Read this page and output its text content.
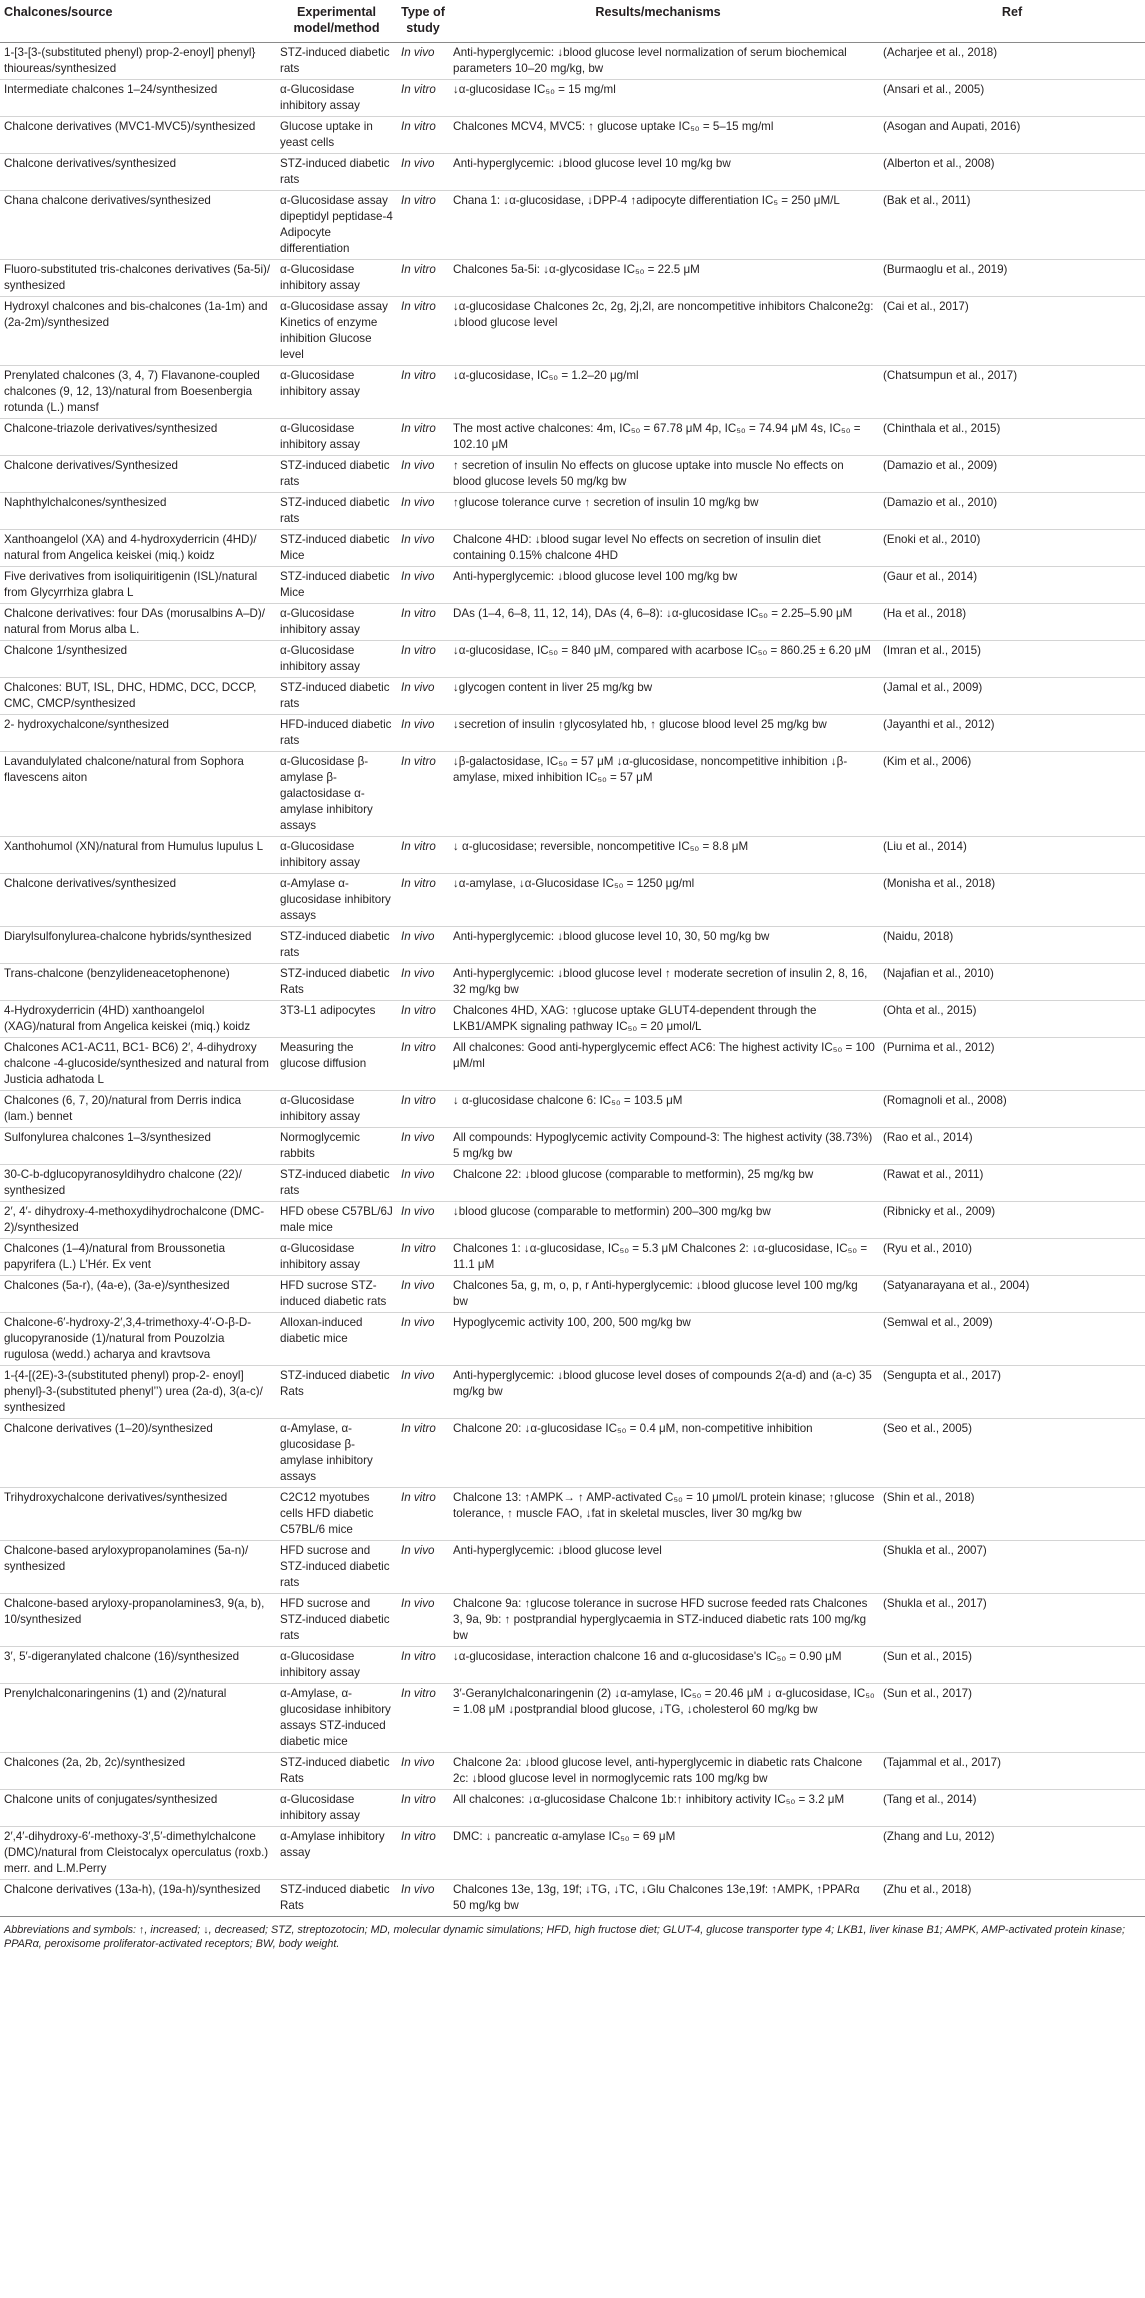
Chalcones/source	Experimental model/method	Type of study	Results/mechanisms	Ref
1-[3-[3-(substituted phenyl) prop-2-enoyl] phenyl} thioureas/synthesized	STZ-induced diabetic rats	In vivo	Anti-hyperglycemic: ↓blood glucose level normalization of serum biochemical parameters 10–20 mg/kg, bw	(Acharjee et al., 2018)
Intermediate chalcones 1–24/synthesized	α-Glucosidase inhibitory assay	In vitro	↓α-glucosidase IC₅₀ = 15 mg/ml	(Ansari et al., 2005)
Chalcone derivatives (MVC1-MVC5)/synthesized	Glucose uptake in yeast cells	In vitro	Chalcones MCV4, MVC5: ↑ glucose uptake IC₅₀ = 5–15 mg/ml	(Asogan and Aupati, 2016)
Chalcone derivatives/synthesized	STZ-induced diabetic rats	In vivo	Anti-hyperglycemic: ↓blood glucose level 10 mg/kg bw	(Alberton et al., 2008)
Chana chalcone derivatives/synthesized	α-Glucosidase assay dipeptidyl peptidase-4 Adipocyte differentiation	In vitro	Chana 1: ↓α-glucosidase, ↓DPP-4 ↑adipocyte differentiation IC₅ = 250 μM/L	(Bak et al., 2011)
Fluoro-substituted tris-chalcones derivatives (5a-5i)/ synthesized	α-Glucosidase inhibitory assay	In vitro	Chalcones 5a-5i: ↓α-glycosidase IC₅₀ = 22.5 μM	(Burmaoglu et al., 2019)
Hydroxyl chalcones and bis-chalcones (1a-1m) and (2a-2m)/synthesized	α-Glucosidase assay Kinetics of enzyme inhibition Glucose level	In vitro	↓α-glucosidase Chalcones 2c, 2g, 2j,2l, are noncompetitive inhibitors Chalcone2g: ↓blood glucose level	(Cai et al., 2017)
Prenylated chalcones (3, 4, 7) Flavanone-coupled chalcones (9, 12, 13)/natural from Boesenbergia rotunda (L.) mansf	α-Glucosidase inhibitory assay	In vitro	↓α-glucosidase, IC₅₀ = 1.2–20 μg/ml	(Chatsumpun et al., 2017)
Chalcone-triazole derivatives/synthesized	α-Glucosidase inhibitory assay	In vitro	The most active chalcones: 4m, IC₅₀ = 67.78 μM 4p, IC₅₀ = 74.94 μM 4s, IC₅₀ = 102.10 μM	(Chinthala et al., 2015)
Chalcone derivatives/Synthesized	STZ-induced diabetic rats	In vivo	↑ secretion of insulin No effects on glucose uptake into muscle No effects on blood glucose levels 50 mg/kg bw	(Damazio et al., 2009)
Naphthylchalcones/synthesized	STZ-induced diabetic rats	In vivo	↑glucose tolerance curve ↑ secretion of insulin 10 mg/kg bw	(Damazio et al., 2010)
Xanthoangelol (XA) and 4-hydroxyderricin (4HD)/ natural from Angelica keiskei (miq.) koidz	STZ-induced diabetic Mice	In vivo	Chalcone 4HD: ↓blood sugar level No effects on secretion of insulin diet containing 0.15% chalcone 4HD	(Enoki et al., 2010)
Five derivatives from isoliquiritigenin (ISL)/natural from Glycyrrhiza glabra L	STZ-induced diabetic Mice	In vivo	Anti-hyperglycemic: ↓blood glucose level 100 mg/kg bw	(Gaur et al., 2014)
Chalcone derivatives: four DAs (morusalbins A–D)/ natural from Morus alba L.	α-Glucosidase inhibitory assay	In vitro	DAs (1–4, 6–8, 11, 12, 14), DAs (4, 6–8): ↓α-glucosidase IC₅₀ = 2.25–5.90 μM	(Ha et al., 2018)
Chalcone 1/synthesized	α-Glucosidase inhibitory assay	In vitro	↓α-glucosidase, IC₅₀ = 840 μM, compared with acarbose IC₅₀ = 860.25 ± 6.20 μM	(Imran et al., 2015)
Chalcones: BUT, ISL, DHC, HDMC, DCC, DCCP, CMC, CMCP/synthesized	STZ-induced diabetic rats	In vivo	↓glycogen content in liver 25 mg/kg bw	(Jamal et al., 2009)
2- hydroxychalcone/synthesized	HFD-induced diabetic rats	In vivo	↓secretion of insulin ↑glycosylated hb, ↑ glucose blood level 25 mg/kg bw	(Jayanthi et al., 2012)
Lavandulylated chalcone/natural from Sophora flavescens aiton	α-Glucosidase β-amylase β-galactosidase α-amylase inhibitory assays	In vitro	↓β-galactosidase, IC₅₀ = 57 μM ↓α-glucosidase, noncompetitive inhibition ↓β-amylase, mixed inhibition IC₅₀ = 57 μM	(Kim et al., 2006)
Xanthohumol (XN)/natural from Humulus lupulus L	α-Glucosidase inhibitory assay	In vitro	↓ α-glucosidase; reversible, noncompetitive IC₅₀ = 8.8 μM	(Liu et al., 2014)
Chalcone derivatives/synthesized	α-Amylase α-glucosidase inhibitory assays	In vitro	↓α-amylase, ↓α-Glucosidase IC₅₀ = 1250 μg/ml	(Monisha et al., 2018)
Diarylsulfonylurea-chalcone hybrids/synthesized	STZ-induced diabetic rats	In vivo	Anti-hyperglycemic: ↓blood glucose level 10, 30, 50 mg/kg bw	(Naidu, 2018)
Trans-chalcone (benzylideneacetophenone)	STZ-induced diabetic Rats	In vivo	Anti-hyperglycemic: ↓blood glucose level ↑ moderate secretion of insulin 2, 8, 16, 32 mg/kg bw	(Najafian et al., 2010)
4-Hydroxyderricin (4HD) xanthoangelol (XAG)/natural from Angelica keiskei (miq.) koidz	3T3-L1 adipocytes	In vitro	Chalcones 4HD, XAG: ↑glucose uptake GLUT4-dependent through the LKB1/AMPK signaling pathway IC₅₀ = 20 μmol/L	(Ohta et al., 2015)
Chalcones AC1-AC11, BC1- BC6) 2′, 4-dihydroxy chalcone -4-glucoside/synthesized and natural from Justicia adhatoda L	Measuring the glucose diffusion	In vitro	All chalcones: Good anti-hyperglycemic effect AC6: The highest activity IC₅₀ = 100 μM/ml	(Purnima et al., 2012)
Chalcones (6, 7, 20)/natural from Derris indica (lam.) bennet	α-Glucosidase inhibitory assay	In vitro	↓ α-glucosidase chalcone 6: IC₅₀ = 103.5 μM	(Romagnoli et al., 2008)
Sulfonylurea chalcones 1–3/synthesized	Normoglycemic rabbits	In vivo	All compounds: Hypoglycemic activity Compound-3: The highest activity (38.73%) 5 mg/kg bw	(Rao et al., 2014)
30-C-b-dglucopyranosyldihydro chalcone (22)/ synthesized	STZ-induced diabetic rats	In vivo	Chalcone 22: ↓blood glucose (comparable to metformin), 25 mg/kg bw	(Rawat et al., 2011)
2′, 4′- dihydroxy-4-methoxydihydrochalcone (DMC-2)/synthesized	HFD obese C57BL/6J male mice	In vivo	↓blood glucose (comparable to metformin) 200–300 mg/kg bw	(Ribnicky et al., 2009)
Chalcones (1–4)/natural from Broussonetia papyrifera (L.) L’Hér. Ex vent	α-Glucosidase inhibitory assay	In vitro	Chalcones 1: ↓α-glucosidase, IC₅₀ = 5.3 μM Chalcones 2: ↓α-glucosidase, IC₅₀ = 11.1 μM	(Ryu et al., 2010)
Chalcones (5a-r), (4a-e), (3a-e)/synthesized	HFD sucrose STZ-induced diabetic rats	In vivo	Chalcones 5a, g, m, o, p, r Anti-hyperglycemic: ↓blood glucose level 100 mg/kg bw	(Satyanarayana et al., 2004)
Chalcone-6′-hydroxy-2′,3,4-trimethoxy-4′-O-β-D-glucopyranoside (1)/natural from Pouzolzia rugulosa (wedd.) acharya and kravtsova	Alloxan-induced diabetic mice	In vivo	Hypoglycemic activity 100, 200, 500 mg/kg bw	(Semwal et al., 2009)
1-{4-[(2E)-3-(substituted phenyl) prop-2- enoyl] phenyl}-3-(substituted phenyl’’) urea (2a-d), 3(a-c)/ synthesized	STZ-induced diabetic Rats	In vivo	Anti-hyperglycemic: ↓blood glucose level doses of compounds 2(a-d) and (a-c) 35 mg/kg bw	(Sengupta et al., 2017)
Chalcone derivatives (1–20)/synthesized	α-Amylase, α-glucosidase β-amylase inhibitory assays	In vitro	Chalcone 20: ↓α-glucosidase IC₅₀ = 0.4 μM, non-competitive inhibition	(Seo et al., 2005)
Trihydroxychalcone derivatives/synthesized	C2C12 myotubes cells HFD diabetic C57BL/6 mice	In vitro	Chalcone 13: ↑AMPK→ ↑ AMP-activated C₅₀ = 10 μmol/L protein kinase; ↑glucose tolerance, ↑ muscle FAO, ↓fat in skeletal muscles, liver 30 mg/kg bw	(Shin et al., 2018)
Chalcone-based aryloxypropanolamines (5a-n)/ synthesized	HFD sucrose and STZ-induced diabetic rats	In vivo	Anti-hyperglycemic: ↓blood glucose level	(Shukla et al., 2007)
Chalcone-based aryloxy-propanolamines3, 9(a, b), 10/synthesized	HFD sucrose and STZ-induced diabetic rats	In vivo	Chalcone 9a: ↑glucose tolerance in sucrose HFD sucrose feeded rats Chalcones 3, 9a, 9b: ↑ postprandial hyperglycaemia in STZ-induced diabetic rats 100 mg/kg bw	(Shukla et al., 2017)
3′, 5′-digeranylated chalcone (16)/synthesized	α-Glucosidase inhibitory assay	In vitro	↓α-glucosidase, interaction chalcone 16 and α-glucosidase's IC₅₀ = 0.90 μM	(Sun et al., 2015)
Prenylchalconaringenins (1) and (2)/natural	α-Amylase, α-glucosidase inhibitory assays STZ-induced diabetic mice	In vitro	3′-Geranylchalconaringenin (2) ↓α-amylase, IC₅₀ = 20.46 μM ↓ α-glucosidase, IC₅₀ = 1.08 μM ↓postprandial blood glucose, ↓TG, ↓cholesterol 60 mg/kg bw	(Sun et al., 2017)
Chalcones (2a, 2b, 2c)/synthesized	STZ-induced diabetic Rats	In vivo	Chalcone 2a: ↓blood glucose level, anti-hyperglycemic in diabetic rats Chalcone 2c: ↓blood glucose level in normoglycemic rats 100 mg/kg bw	(Tajammal et al., 2017)
Chalcone units of conjugates/synthesized	α-Glucosidase inhibitory assay	In vitro	All chalcones: ↓α-glucosidase Chalcone 1b:↑ inhibitory activity IC₅₀ = 3.2 μM	(Tang et al., 2014)
2′,4′-dihydroxy-6′-methoxy-3′,5′-dimethylchalcone (DMC)/natural from Cleistocalyx operculatus (roxb.) merr. and L.M.Perry	α-Amylase inhibitory assay	In vitro	DMC: ↓ pancreatic α-amylase IC₅₀ = 69 μM	(Zhang and Lu, 2012)
Chalcone derivatives (13a-h), (19a-h)/synthesized	STZ-induced diabetic Rats	In vivo	Chalcones 13e, 13g, 19f; ↓TG, ↓TC, ↓Glu Chalcones 13e,19f: ↑AMPK, ↑PPARα 50 mg/kg bw	(Zhu et al., 2018)
Abbreviations and symbols: ↑, increased; ↓, decreased; STZ, streptozotocin; MD, molecular dynamic simulations; HFD, high fructose diet; GLUT-4, glucose transporter type 4; LKB1, liver kinase B1; AMPK, AMP-activated protein kinase; PPARα, peroxisome proliferator-activated receptors; BW, body weight.
